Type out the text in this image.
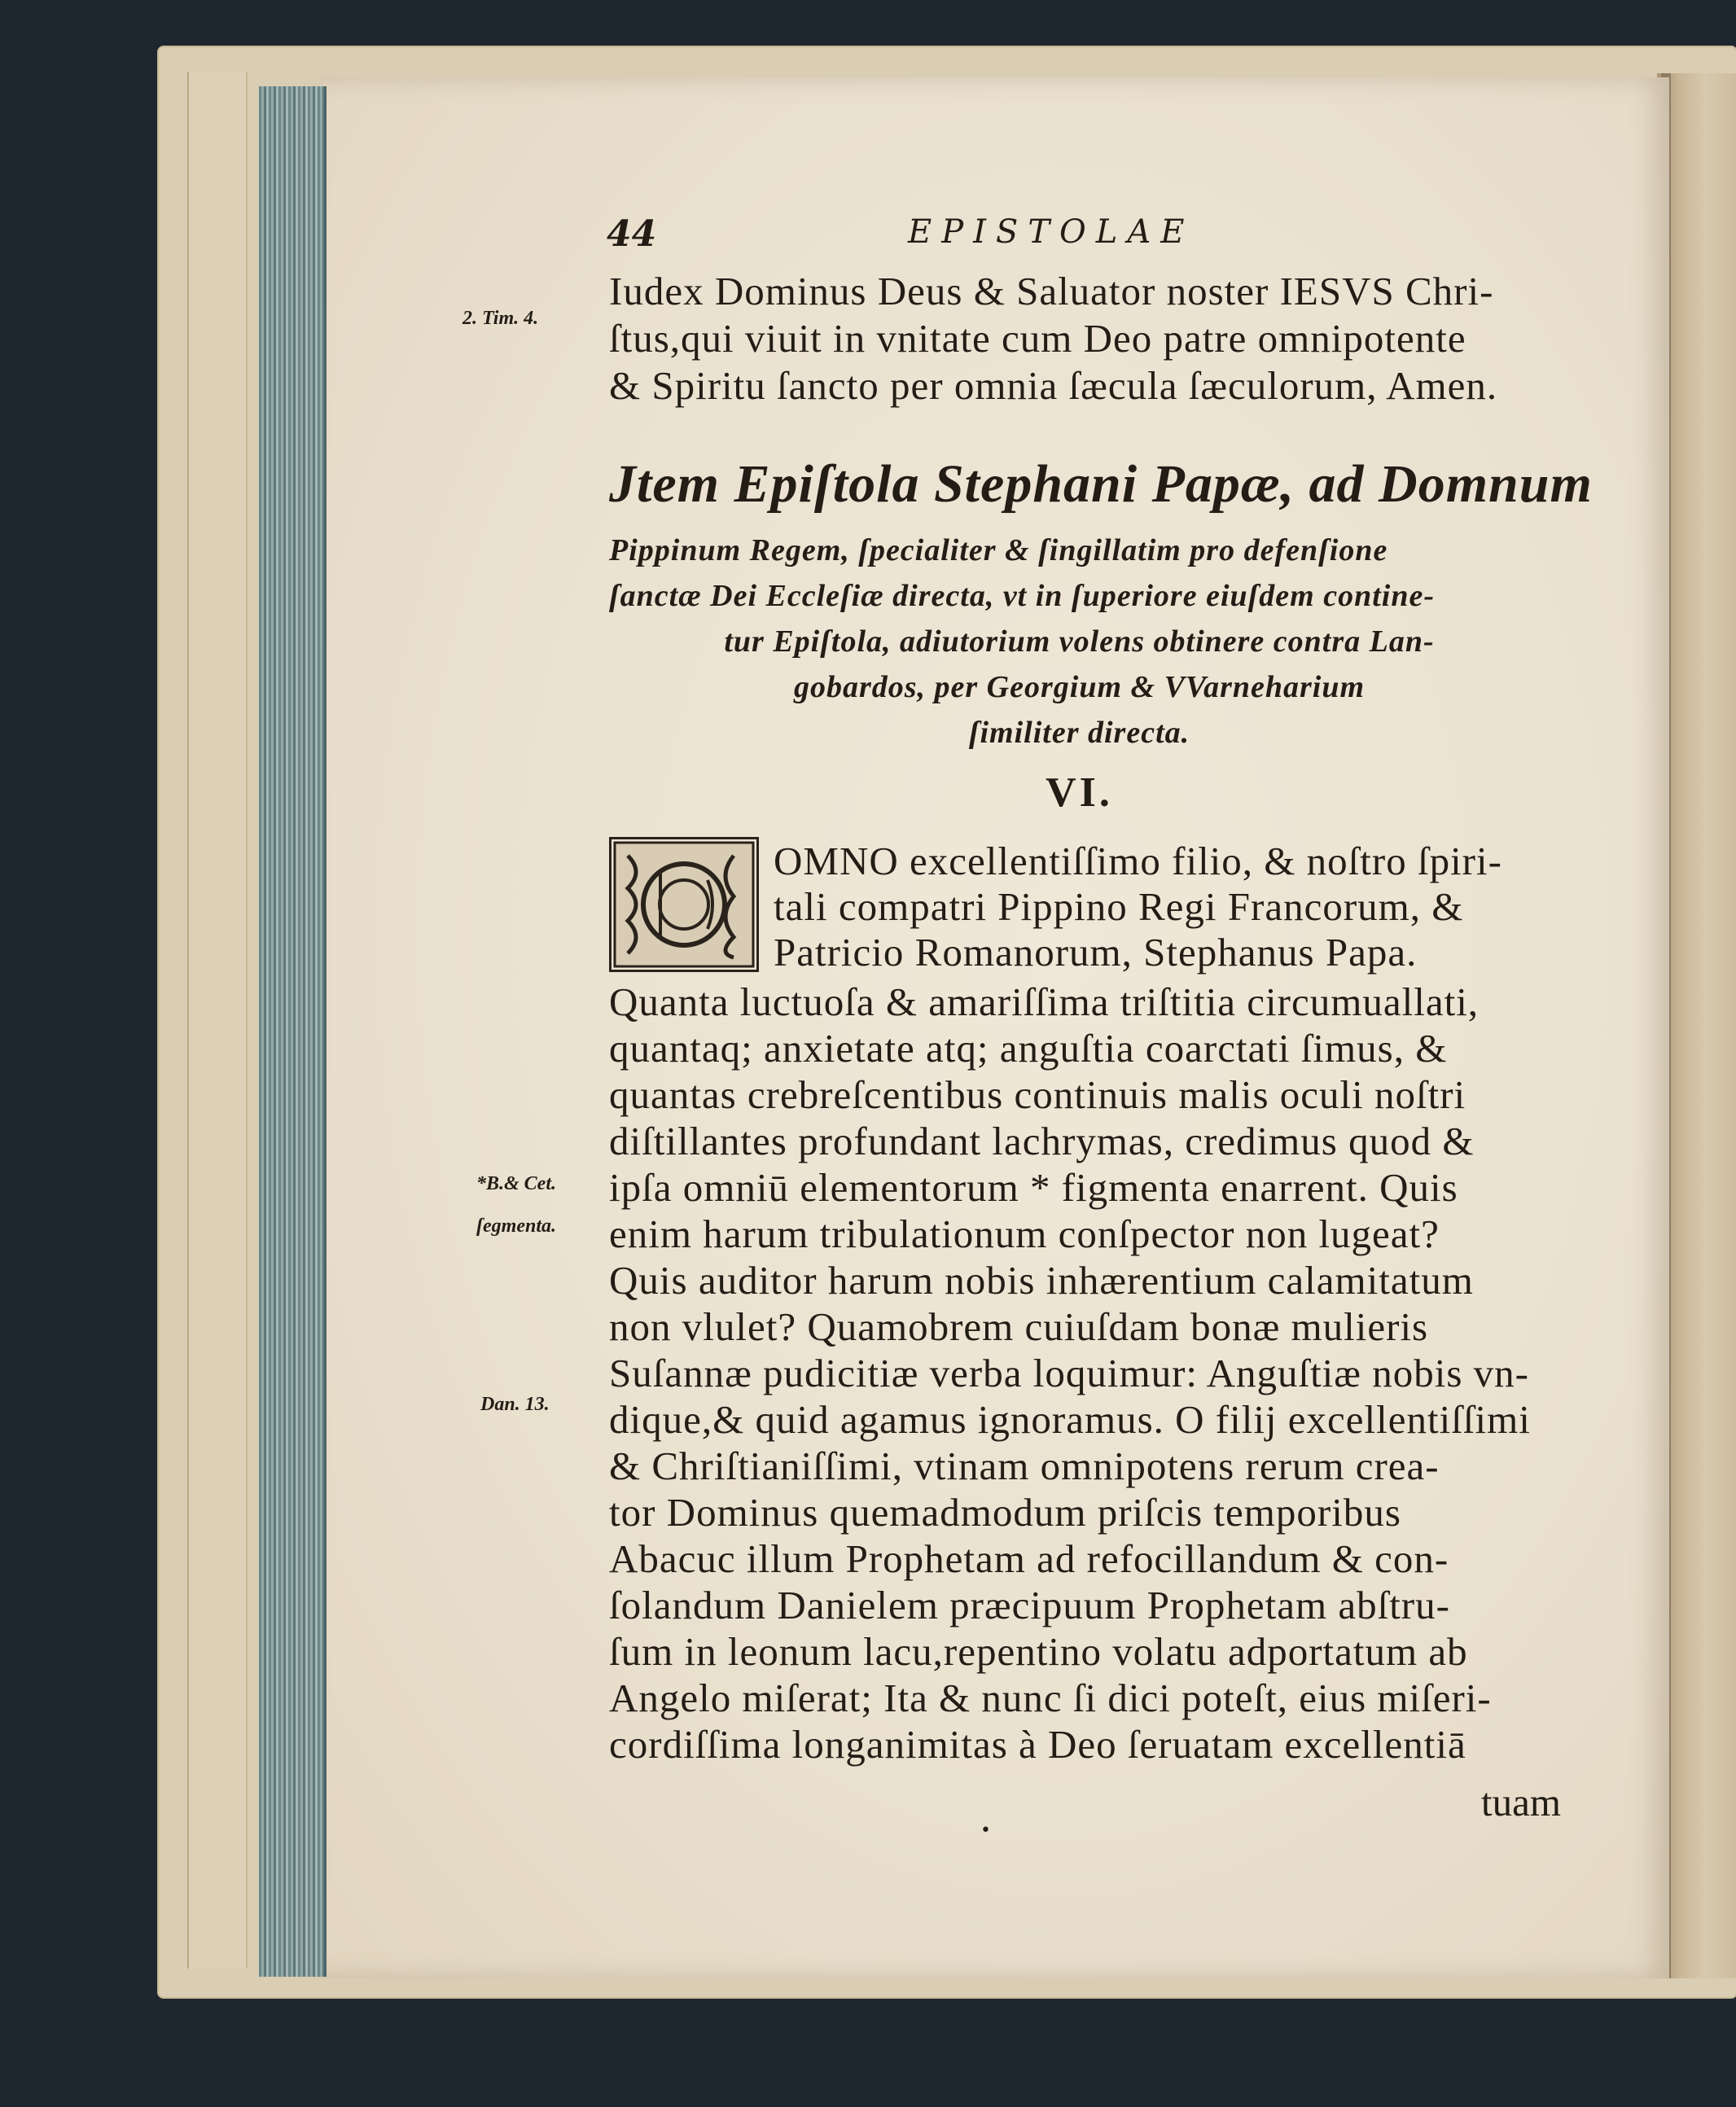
44	EPISTOLAE
2. Tim. 4.
*B.& Cet.
ſegmenta.
Dan. 13.
Iudex Dominus Deus & Saluator noster IESVS Chri-
ſtus,qui viuit in vnitate cum Deo patre omnipotente
& Spiritu ſancto per omnia ſæcula ſæculorum, Amen.
Jtem Epiſtola Stephani Papæ, ad Domnum
Pippinum Regem, ſpecialiter & ſingillatim pro defenſione
ſanctæ Dei Eccleſiæ directa, vt in ſuperiore eiuſdem contine-
tur Epiſtola, adiutorium volens obtinere contra Lan-
gobardos, per Georgium & VVarneharium
ſimiliter directa.
VI.
OMNO excellentiſſimo filio, & noſtro ſpiri-
tali compatri Pippino Regi Francorum, &
Patricio Romanorum, Stephanus Papa.
Quanta luctuoſa & amariſſima triſtitia circumuallati,
quantaq; anxietate atq; anguſtia coarctati ſimus, &
quantas crebreſcentibus continuis malis oculi noſtri
diſtillantes profundant lachrymas, credimus quod &
ipſa omniū elementorum * figmenta enarrent. Quis
enim harum tribulationum conſpector non lugeat?
Quis auditor harum nobis inhærentium calamitatum
non vlulet? Quamobrem cuiuſdam bonæ mulieris
Suſannæ pudicitiæ verba loquimur: Anguſtiæ nobis vn-
dique,& quid agamus ignoramus. O filij excellentiſſimi
& Chriſtianiſſimi, vtinam omnipotens rerum crea-
tor Dominus quemadmodum priſcis temporibus
Abacuc illum Prophetam ad refocillandum & con-
ſolandum Danielem præcipuum Prophetam abſtru-
ſum in leonum lacu,repentino volatu adportatum ab
Angelo miſerat; Ita & nunc ſi dici poteſt, eius miſeri-
cordiſſima longanimitas à Deo ſeruatam excellentiā
tuam
•
